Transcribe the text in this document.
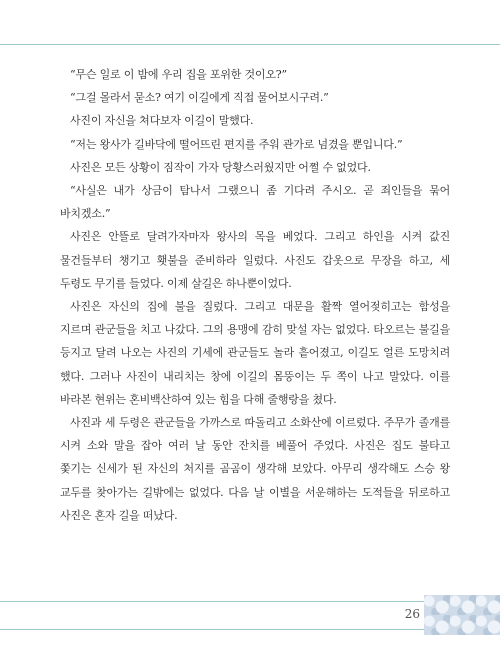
“무슨 일로 이 밤에 우리 집을 포위한 것이오?”

“그걸 몰라서 묻소? 여기 이길에게 직접 물어보시구려.”

사진이 자신을 쳐다보자 이길이 말했다.

“저는 왕사가 길바닥에 떨어뜨린 편지를 주워 관가로 넘겼을 뿐입니다.”

사진은 모든 상황이 짐작이 가자 당황스러웠지만 어쩔 수 없었다.

“사실은 내가 상금이 탐나서 그랬으니 좀 기다려 주시오. 곧 죄인들을 묶어 바치겠소.”

사진은 안뜰로 달려가자마자 왕사의 목을 베었다. 그리고 하인을 시켜 값진 물건들부터 챙기고 횃불을 준비하라 일렀다. 사진도 갑옷으로 무장을 하고, 세 두령도 무기를 들었다. 이제 살길은 하나뿐이었다.

사진은 자신의 집에 불을 질렀다. 그리고 대문을 활짝 열어젖히고는 함성을 지르며 관군들을 치고 나갔다. 그의 용맹에 감히 맞설 자는 없었다. 타오르는 불길을 등지고 달려 나오는 사진의 기세에 관군들도 놀라 흩어졌고, 이길도 얼른 도망치려 했다. 그러나 사진이 내리치는 창에 이길의 몸뚱이는 두 쪽이 나고 말았다. 이를 바라본 현위는 혼비백산하여 있는 힘을 다해 줄행랑을 쳤다.

사진과 세 두령은 관군들을 가까스로 따돌리고 소화산에 이르렀다. 주무가 졸개를 시켜 소와 말을 잡아 여러 날 동안 잔치를 베풀어 주었다. 사진은 집도 불타고 쫓기는 신세가 된 자신의 처지를 곰곰이 생각해 보았다. 아무리 생각해도 스승 왕 교두를 찾아가는 길밖에는 없었다. 다음 날 이별을 서운해하는 도적들을 뒤로하고 사진은 혼자 길을 떠났다.

26
